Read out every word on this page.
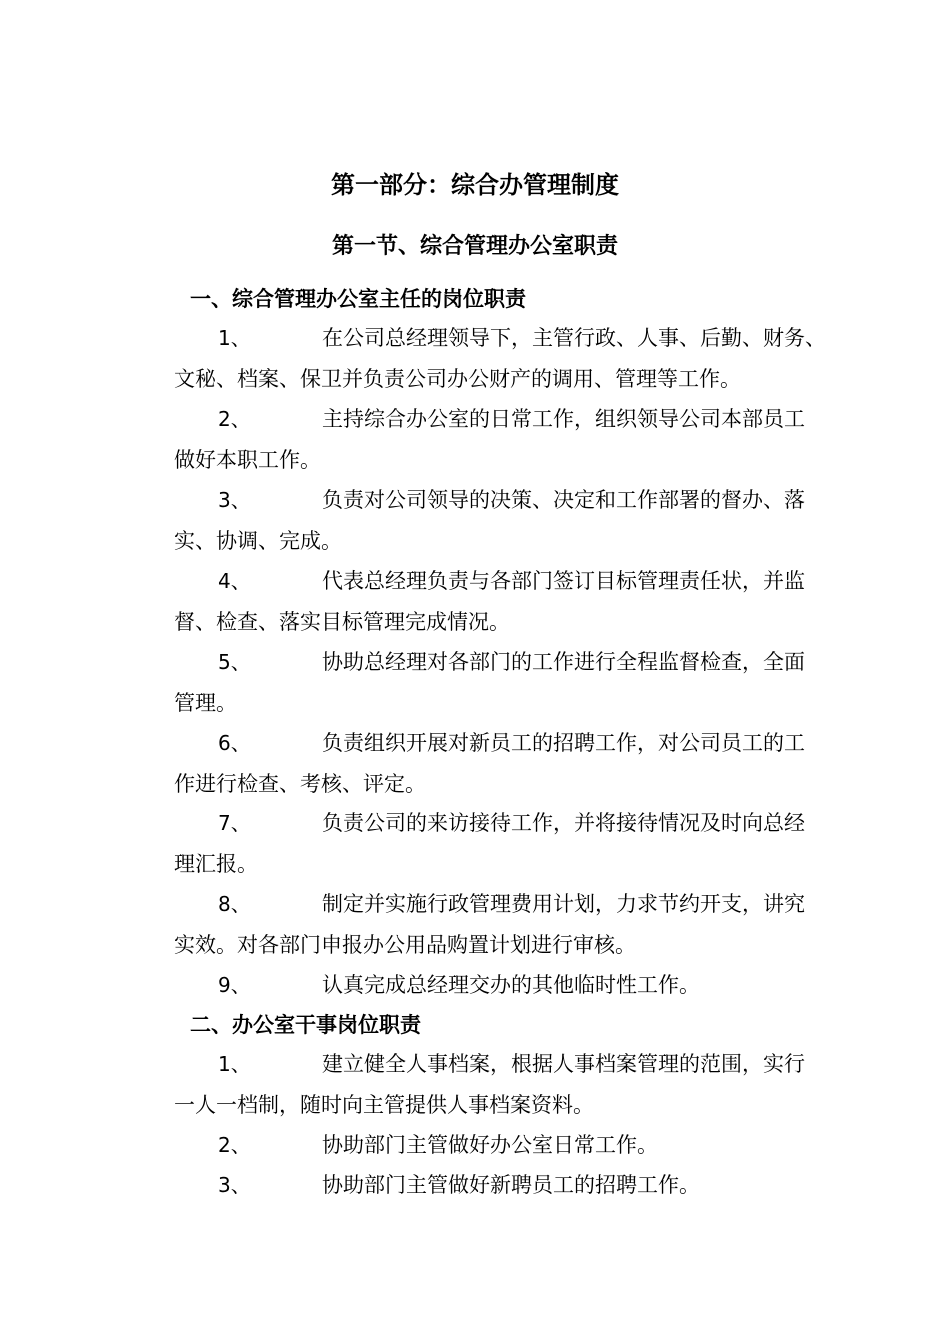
第一部分：综合办管理制度
第一节、综合管理办公室职责
一、综合管理办公室主任的岗位职责
1、	在公司总经理领导下，主管行政、人事、后勤、财务、
文秘、档案、保卫并负责公司办公财产的调用、管理等工作。
2、	主持综合办公室的日常工作，组织领导公司本部员工
做好本职工作。
3、	负责对公司领导的决策、决定和工作部署的督办、落
实、协调、完成。
4、	代表总经理负责与各部门签订目标管理责任状，并监
督、检查、落实目标管理完成情况。
5、	协助总经理对各部门的工作进行全程监督检查，全面
管理。
6、	负责组织开展对新员工的招聘工作，对公司员工的工
作进行检查、考核、评定。
7、	负责公司的来访接待工作，并将接待情况及时向总经
理汇报。
8、	制定并实施行政管理费用计划，力求节约开支，讲究
实效。对各部门申报办公用品购置计划进行审核。
9、	认真完成总经理交办的其他临时性工作。
二、办公室干事岗位职责
1、	建立健全人事档案，根据人事档案管理的范围，实行
一人一档制，随时向主管提供人事档案资料。
2、	协助部门主管做好办公室日常工作。
3、	协助部门主管做好新聘员工的招聘工作。
